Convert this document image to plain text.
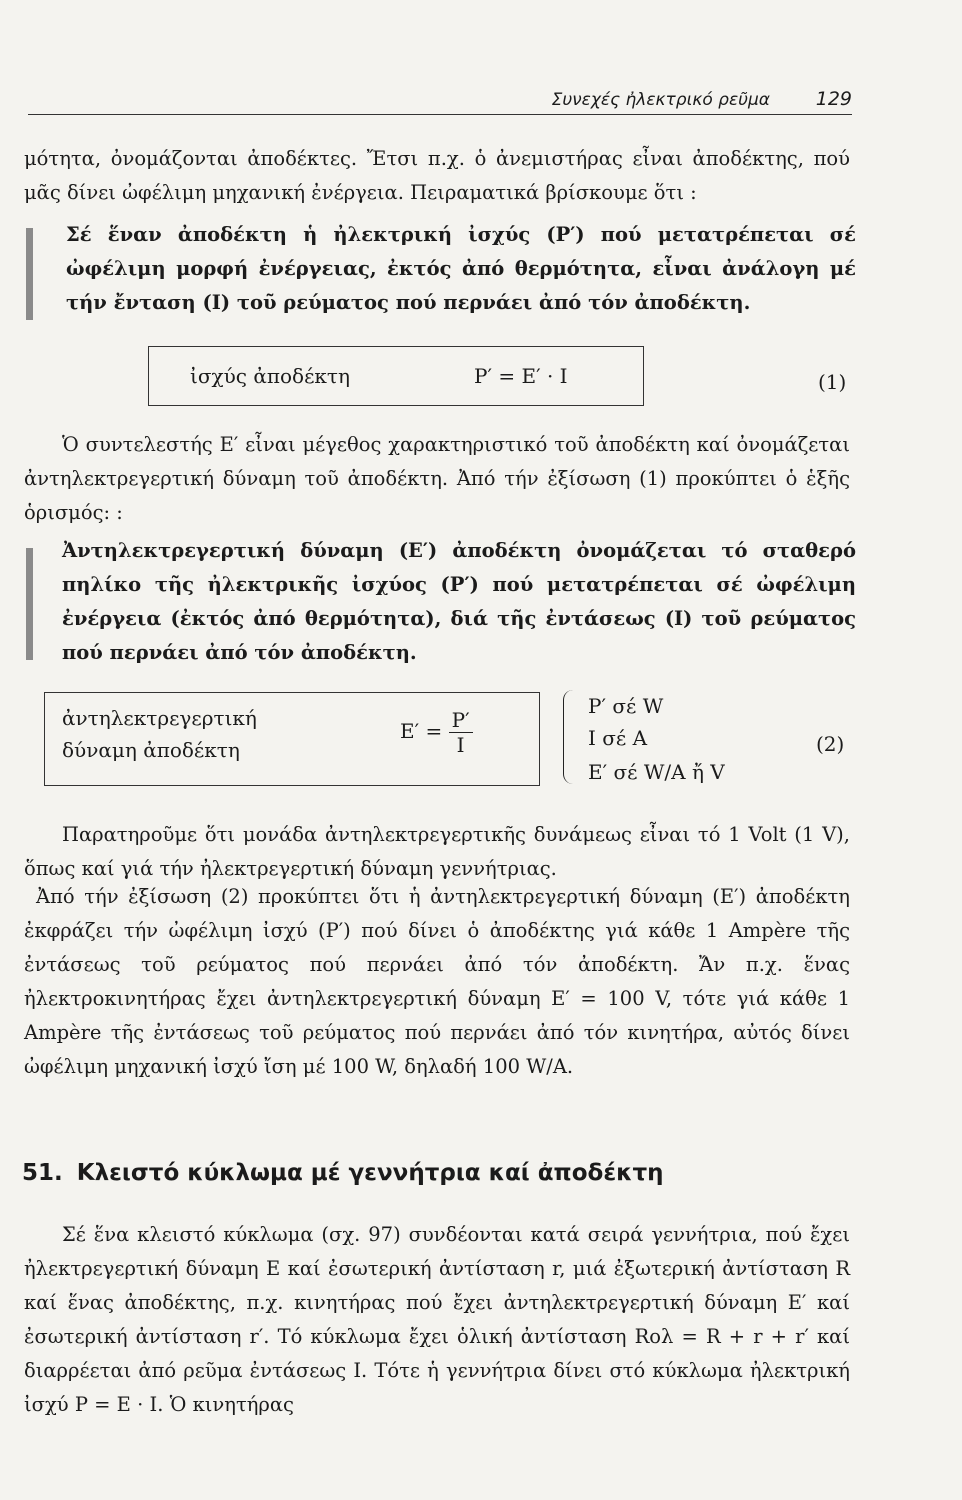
Συνεχές ἠλεκτρικό ρεῦμα 129
μότητα, ὀνομάζονται ἀποδέκτες. Ἔτσι π.χ. ὁ ἀνεμιστήρας εἶναι ἀποδέκτης, πού μᾶς δίνει ὠφέλιμη μηχανική ἐνέργεια. Πειραματικά βρίσκουμε ὅτι :
Σέ ἕναν ἀποδέκτη ἡ ἠλεκτρική ἰσχύς (P′) πού μετατρέπεται σέ ὠφέλιμη μορφή ἐνέργειας, ἐκτός ἀπό θερμότητα, εἶναι ἀνάλογη μέ τήν ἔνταση (I) τοῦ ρεύματος πού περνάει ἀπό τόν ἀποδέκτη.
ἰσχύς ἀποδέκτη	P′ = E′ · I	(1)
Ὁ συντελεστής E′ εἶναι μέγεθος χαρακτηριστικό τοῦ ἀποδέκτη καί ὀνομάζεται ἀντηλεκτρεγερτική δύναμη τοῦ ἀποδέκτη. Ἀπό τήν ἐξίσωση (1) προκύπτει ὁ ἑξῆς ὁρισμός: :
Ἀντηλεκτρεγερτική δύναμη (E′) ἀποδέκτη ὀνομάζεται τό σταθερό πηλίκο τῆς ἠλεκτρικῆς ἰσχύος (P′) πού μετατρέπεται σέ ὠφέλιμη ἐνέργεια (ἐκτός ἀπό θερμότητα), διά τῆς ἐντάσεως (I) τοῦ ρεύματος πού περνάει ἀπό τόν ἀποδέκτη.
ἀντηλεκτρεγερτική
δύναμη ἀποδέκτη
$E' = \frac{P'}{I}$
P′ σέ W
I σέ A
E′ σέ W/A ἤ V
(2)
Παρατηροῦμε ὅτι μονάδα ἀντηλεκτρεγερτικῆς δυνάμεως εἶναι τό 1 Volt (1 V), ὅπως καί γιά τήν ἠλεκτρεγερτική δύναμη γεννήτριας.
Ἀπό τήν ἐξίσωση (2) προκύπτει ὅτι ἡ ἀντηλεκτρεγερτική δύναμη (E′) ἀποδέκτη ἐκφράζει τήν ὠφέλιμη ἰσχύ (P′) πού δίνει ὁ ἀποδέκτης γιά κάθε 1 Ampère τῆς ἐντάσεως τοῦ ρεύματος πού περνάει ἀπό τόν ἀποδέκτη. Ἄν π.χ. ἕνας ἠλεκτροκινητήρας ἔχει ἀντηλεκτρεγερτική δύναμη E′ = 100 V, τότε γιά κάθε 1 Ampère τῆς ἐντάσεως τοῦ ρεύματος πού περνάει ἀπό τόν κινητήρα, αὐτός δίνει ὠφέλιμη μηχανική ἰσχύ ἴση μέ 100 W, δηλαδή 100 W/A.
51. Κλειστό κύκλωμα μέ γεννήτρια καί ἀποδέκτη
Σέ ἕνα κλειστό κύκλωμα (σχ. 97) συνδέονται κατά σειρά γεννήτρια, πού ἔχει ἠλεκτρεγερτική δύναμη E καί ἐσωτερική ἀντίσταση r, μιά ἐξωτερική ἀντίσταση R καί ἕνας ἀποδέκτης, π.χ. κινητήρας πού ἔχει ἀντηλεκτρεγερτική δύναμη E′ καί ἐσωτερική ἀντίσταση r′. Τό κύκλωμα ἔχει ὁλική ἀντίσταση Rολ = R + r + r′ καί διαρρέεται ἀπό ρεῦμα ἐντάσεως I. Τότε ἡ γεννήτρια δίνει στό κύκλωμα ἠλεκτρική ἰσχύ P = E · I. Ὁ κινητήρας
